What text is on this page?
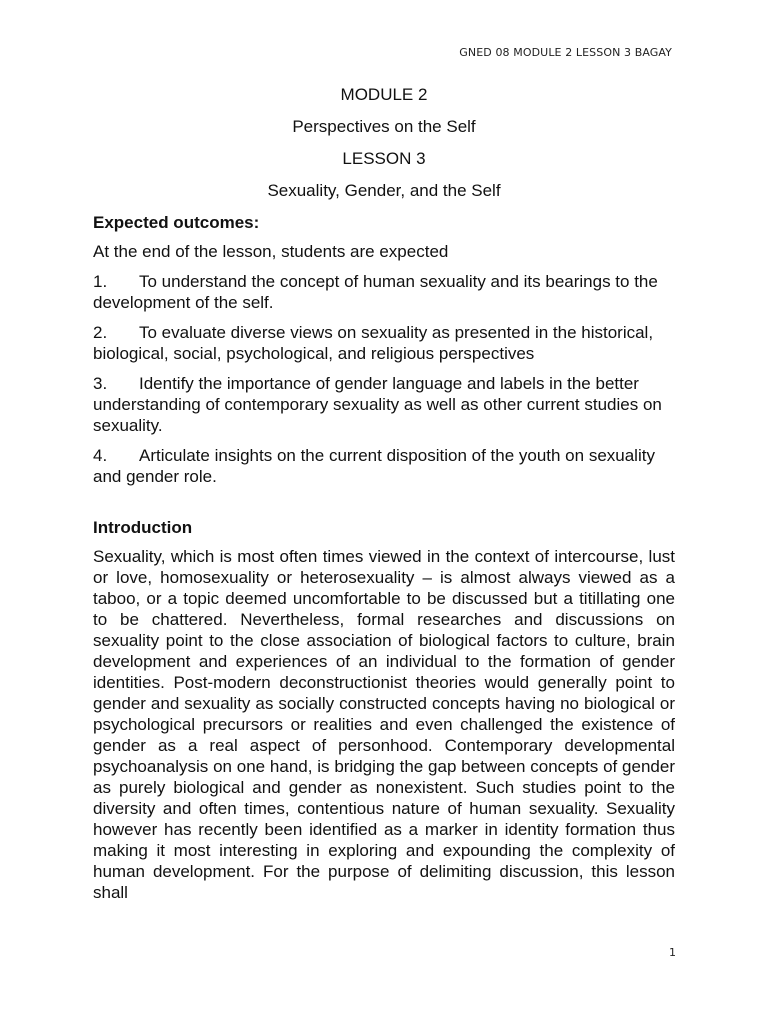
GNED 08 MODULE 2 LESSON 3 BAGAY
MODULE 2
Perspectives on the Self
LESSON 3
Sexuality, Gender, and the Self
Expected outcomes:
At the end of the lesson, students are expected
1. To understand the concept of human sexuality and its bearings to the development of the self.
2. To evaluate diverse views on sexuality as presented in the historical, biological, social, psychological, and religious perspectives
3. Identify the importance of gender language and labels in the better understanding of contemporary sexuality as well as other current studies on sexuality.
4. Articulate insights on the current disposition of the youth on sexuality and gender role.
Introduction

Sexuality, which is most often times viewed in the context of intercourse, lust or love, homosexuality or heterosexuality – is almost always viewed as a taboo, or a topic deemed uncomfortable to be discussed but a titillating one to be chattered. Nevertheless, formal researches and discussions on sexuality point to the close association of biological factors to culture, brain development and experiences of an individual to the formation of gender identities. Post-modern deconstructionist theories would generally point to gender and sexuality as socially constructed concepts having no biological or psychological precursors or realities and even challenged the existence of gender as a real aspect of personhood. Contemporary developmental psychoanalysis on one hand, is bridging the gap between concepts of gender as purely biological and gender as nonexistent. Such studies point to the diversity and often times, contentious nature of human sexuality. Sexuality however has recently been identified as a marker in identity formation thus making it most interesting in exploring and expounding the complexity of human development. For the purpose of delimiting discussion, this lesson shall

1
